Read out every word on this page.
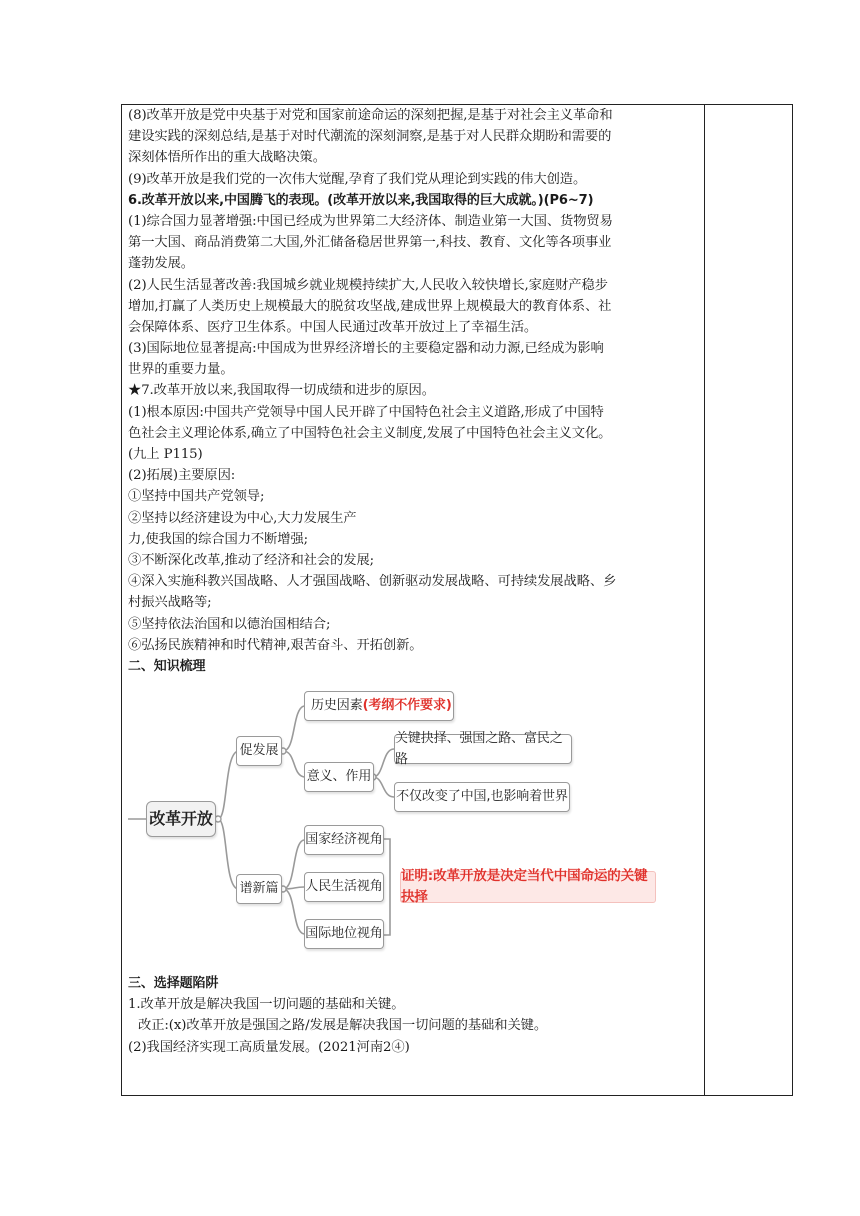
(8)改革开放是党中央基于对党和国家前途命运的深刻把握,是基于对社会主义革命和
建设实践的深刻总结,是基于对时代潮流的深刻洞察,是基于对人民群众期盼和需要的
深刻体悟所作出的重大战略决策。
(9)改革开放是我们党的一次伟大觉醒,孕育了我们党从理论到实践的伟大创造。
6.改革开放以来,中国腾飞的表现。(改革开放以来,我国取得的巨大成就。)(P6~7)
(1)综合国力显著增强:中国已经成为世界第二大经济体、制造业第一大国、货物贸易
第一大国、商品消费第二大国,外汇储备稳居世界第一,科技、教育、文化等各项事业
蓬勃发展。
(2)人民生活显著改善:我国城乡就业规模持续扩大,人民收入较快增长,家庭财产稳步
增加,打赢了人类历史上规模最大的脱贫攻坚战,建成世界上规模最大的教育体系、社
会保障体系、医疗卫生体系。中国人民通过改革开放过上了幸福生活。
(3)国际地位显著提高:中国成为世界经济增长的主要稳定器和动力源,已经成为影响
世界的重要力量。
★7.改革开放以来,我国取得一切成绩和进步的原因。
(1)根本原因:中国共产党领导中国人民开辟了中国特色社会主义道路,形成了中国特
色社会主义理论体系,确立了中国特色社会主义制度,发展了中国特色社会主义文化。
(九上 P115)
(2)拓展)主要原因:
①坚持中国共产党领导;
②坚持以经济建设为中心,大力发展生产
力,使我国的综合国力不断增强;
③不断深化改革,推动了经济和社会的发展;
④深入实施科教兴国战略、人才强国战略、创新驱动发展战略、可持续发展战略、乡
村振兴战略等;
⑤坚持依法治国和以德治国相结合;
⑥弘扬民族精神和时代精神,艰苦奋斗、开拓创新。
二、知识梳理
改革开放
促发展
谱新篇
历史因素 (考纲不作要求)
意义、作用
关键抉择、强国之路、富民之路
不仅改变了中国,也影响着世界
国家经济视角
人民生活视角
国际地位视角
证明:改革开放是决定当代中国命运的关键抉择
三、选择题陷阱
1.改革开放是解决我国一切问题的基础和关键。
改正:(x)改革开放是强国之路/发展是解决我国一切问题的基础和关键。
(2)我国经济实现工高质量发展。(2021河南2④)
